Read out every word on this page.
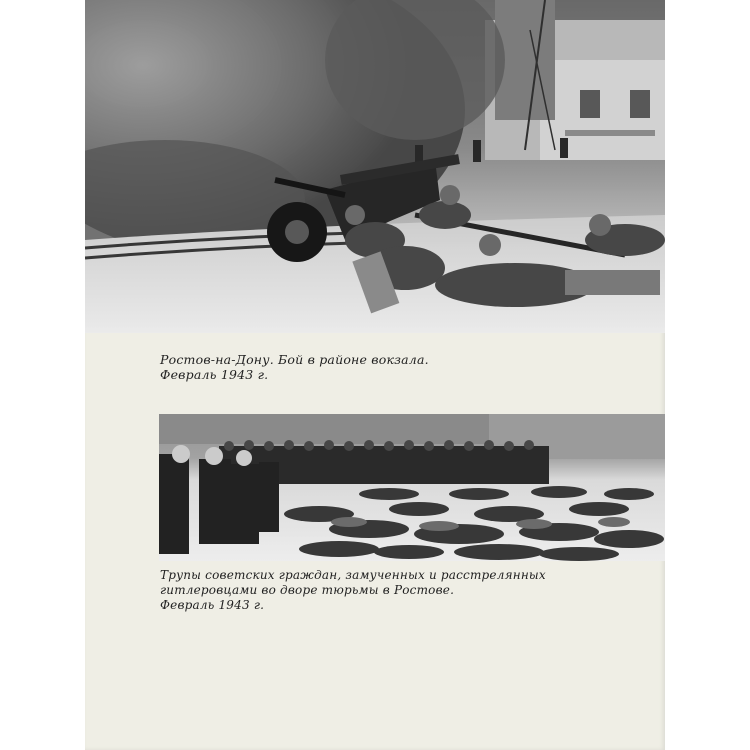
Ростов-на-Дону. Бой в районе вокзала.
Февраль 1943 г.
Трупы советских граждан, замученных и расстрелянных
гитлеровцами во дворе тюрьмы в Ростове.
Февраль 1943 г.
